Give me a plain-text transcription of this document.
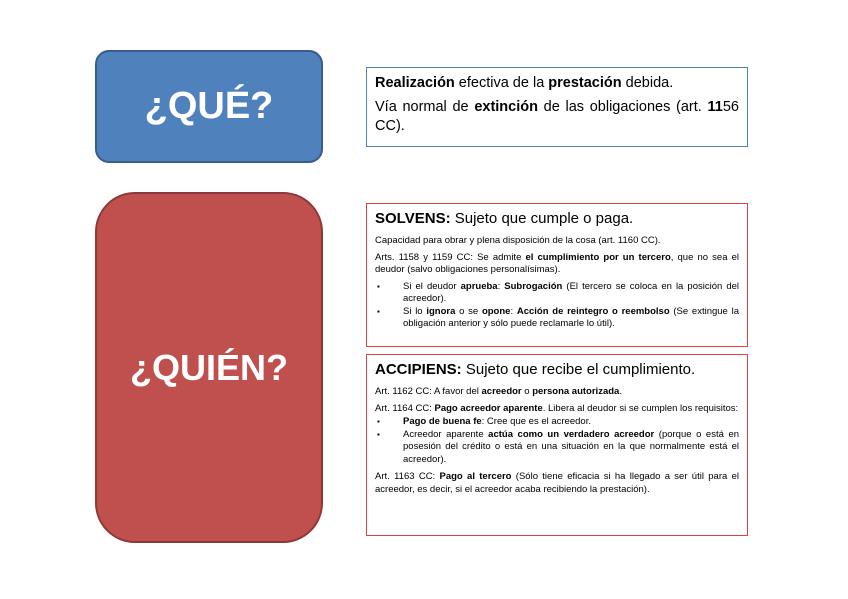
¿QUÉ?
¿QUIÉN?

Realización efectiva de la prestación debida.

Vía normal de extinción de las obligaciones (art. 1156 CC).

SOLVENS: Sujeto que cumple o paga.

Capacidad para obrar y plena disposición de la cosa (art. 1160 CC).

Arts. 1158 y 1159 CC: Se admite el cumplimiento por un tercero, que no sea el deudor (salvo obligaciones personalísimas).

▪ Si el deudor aprueba: Subrogación (El tercero se coloca en la posición del acreedor).
▪ Si lo ignora o se opone: Acción de reintegro o reembolso (Se extingue la obligación anterior y sólo puede reclamarle lo útil).
ACCIPIENS: Sujeto que recibe el cumplimiento.

Art. 1162 CC: A favor del acreedor o persona autorizada.

Art. 1164 CC: Pago acreedor aparente. Libera al deudor si se cumplen los requisitos:

▪ Pago de buena fe: Cree que es el acreedor.
▪ Acreedor aparente actúa como un verdadero acreedor (porque o está en posesión del crédito o está en una situación en la que normalmente está el acreedor).

Art. 1163 CC: Pago al tercero (Sólo tiene eficacia si ha llegado a ser útil para el acreedor, es decir, si el acreedor acaba recibiendo la prestación).
